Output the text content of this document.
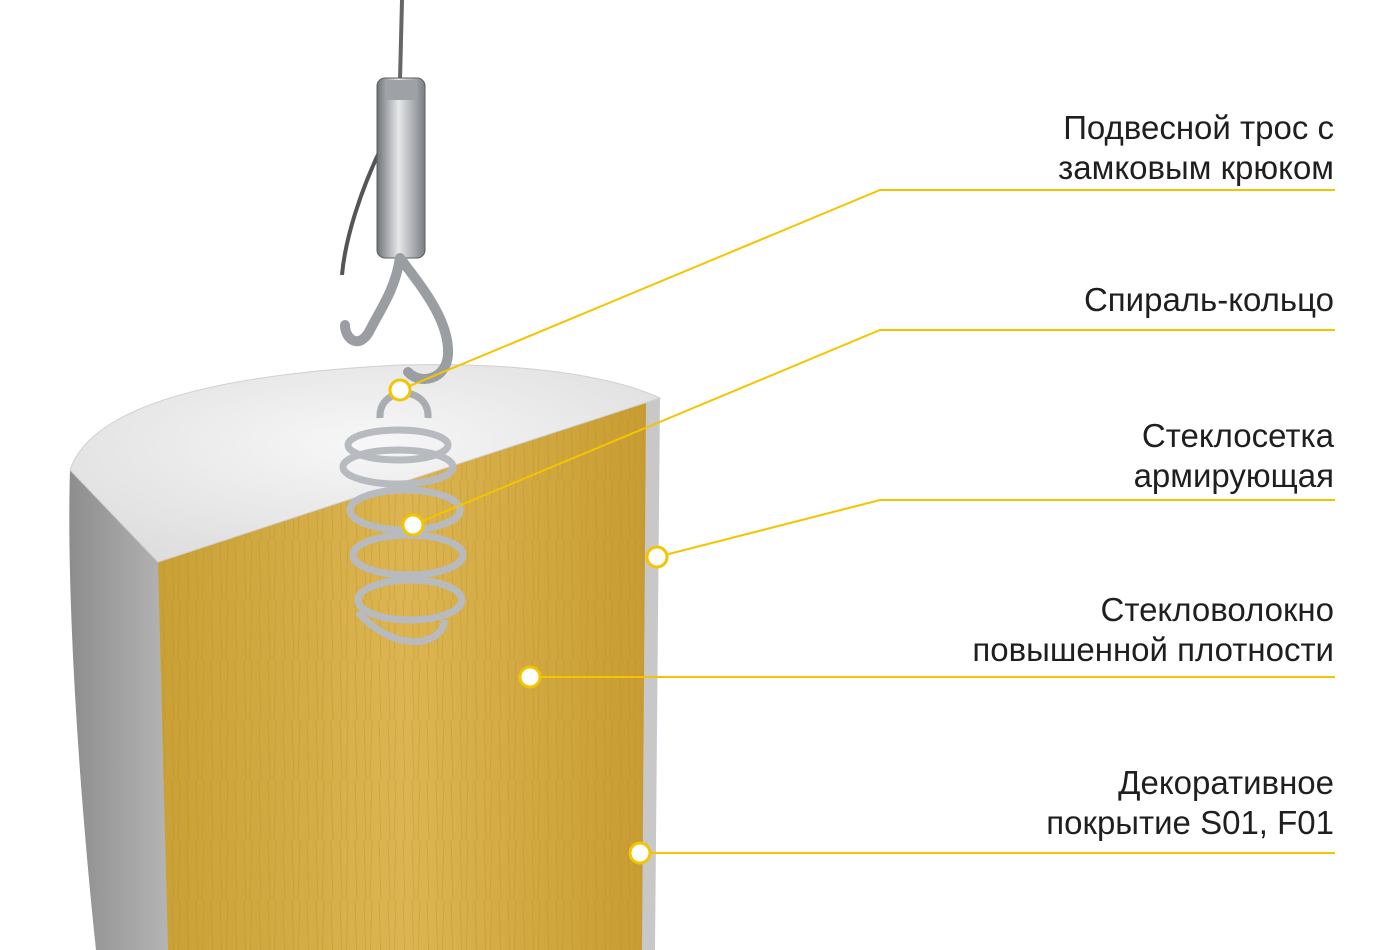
Подвесной трос с
замковым крюком
Спираль-кольцо
Стеклосетка
армирующая
Стекловолокно
повышенной плотности
Декоративное
покрытие S01, F01
